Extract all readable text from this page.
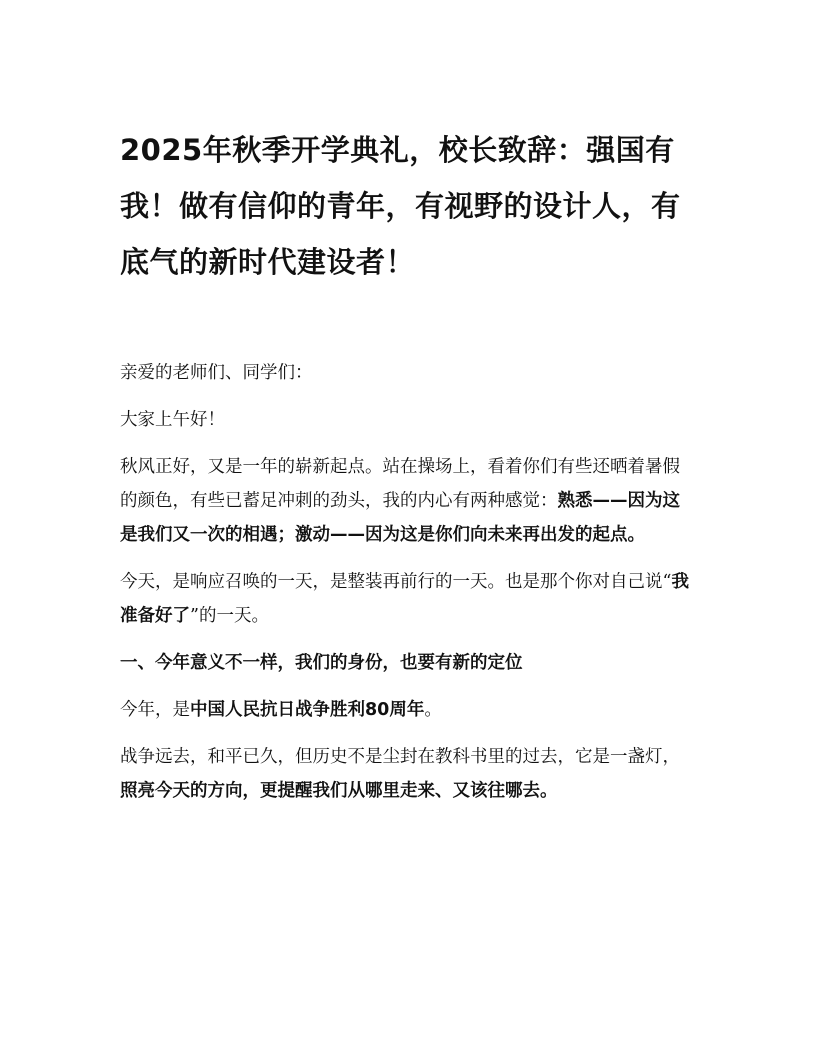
2025年秋季开学典礼，校长致辞：强国有我！做有信仰的青年，有视野的设计人，有底气的新时代建设者！

亲爱的老师们、同学们：

大家上午好！

秋风正好，又是一年的崭新起点。站在操场上，看着你们有些还晒着暑假的颜色，有些已蓄足冲刺的劲头，我的内心有两种感觉：熟悉——因为这是我们又一次的相遇；激动——因为这是你们向未来再出发的起点。

今天，是响应召唤的一天，是整装再前行的一天。也是那个你对自己说“我准备好了”的一天。

一、今年意义不一样，我们的身份，也要有新的定位

今年，是中国人民抗日战争胜利80周年。

战争远去，和平已久，但历史不是尘封在教科书里的过去，它是一盏灯，照亮今天的方向，更提醒我们从哪里走来、又该往哪去。
